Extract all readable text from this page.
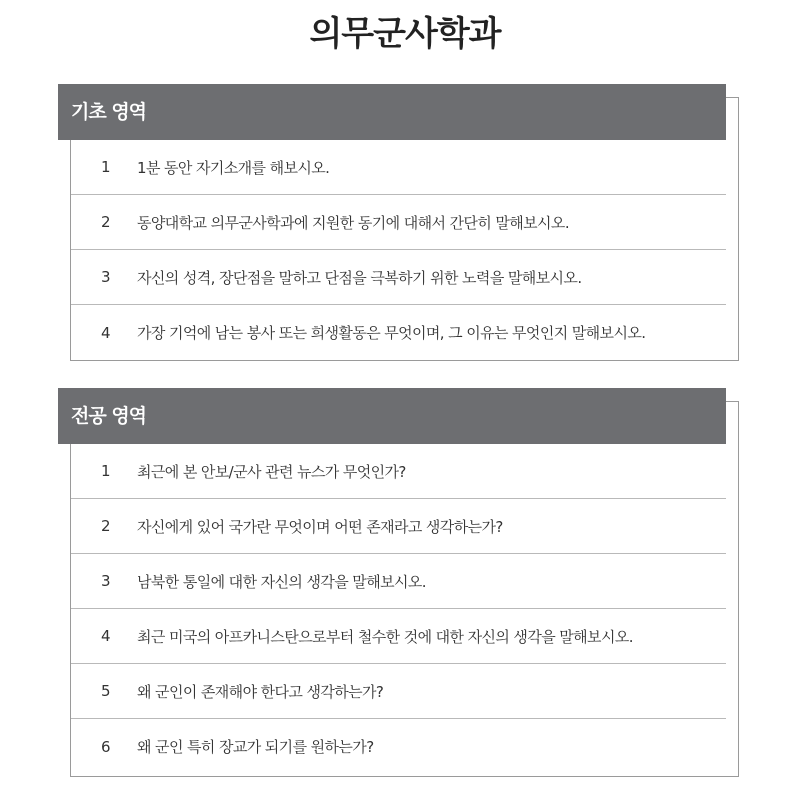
의무군사학과
기초 영역
1	1분 동안 자기소개를 해보시오.
2	동양대학교 의무군사학과에 지원한 동기에 대해서 간단히 말해보시오.
3	자신의 성격, 장단점을 말하고 단점을 극복하기 위한 노력을 말해보시오.
4	가장 기억에 남는 봉사 또는 희생활동은 무엇이며, 그 이유는 무엇인지 말해보시오.
전공 영역
1	최근에 본 안보/군사 관련 뉴스가 무엇인가?
2	자신에게 있어 국가란 무엇이며 어떤 존재라고 생각하는가?
3	남북한 통일에 대한 자신의 생각을 말해보시오.
4	최근 미국의 아프카니스탄으로부터 철수한 것에 대한 자신의 생각을 말해보시오.
5	왜 군인이 존재해야 한다고 생각하는가?
6	왜 군인 특히 장교가 되기를 원하는가?
